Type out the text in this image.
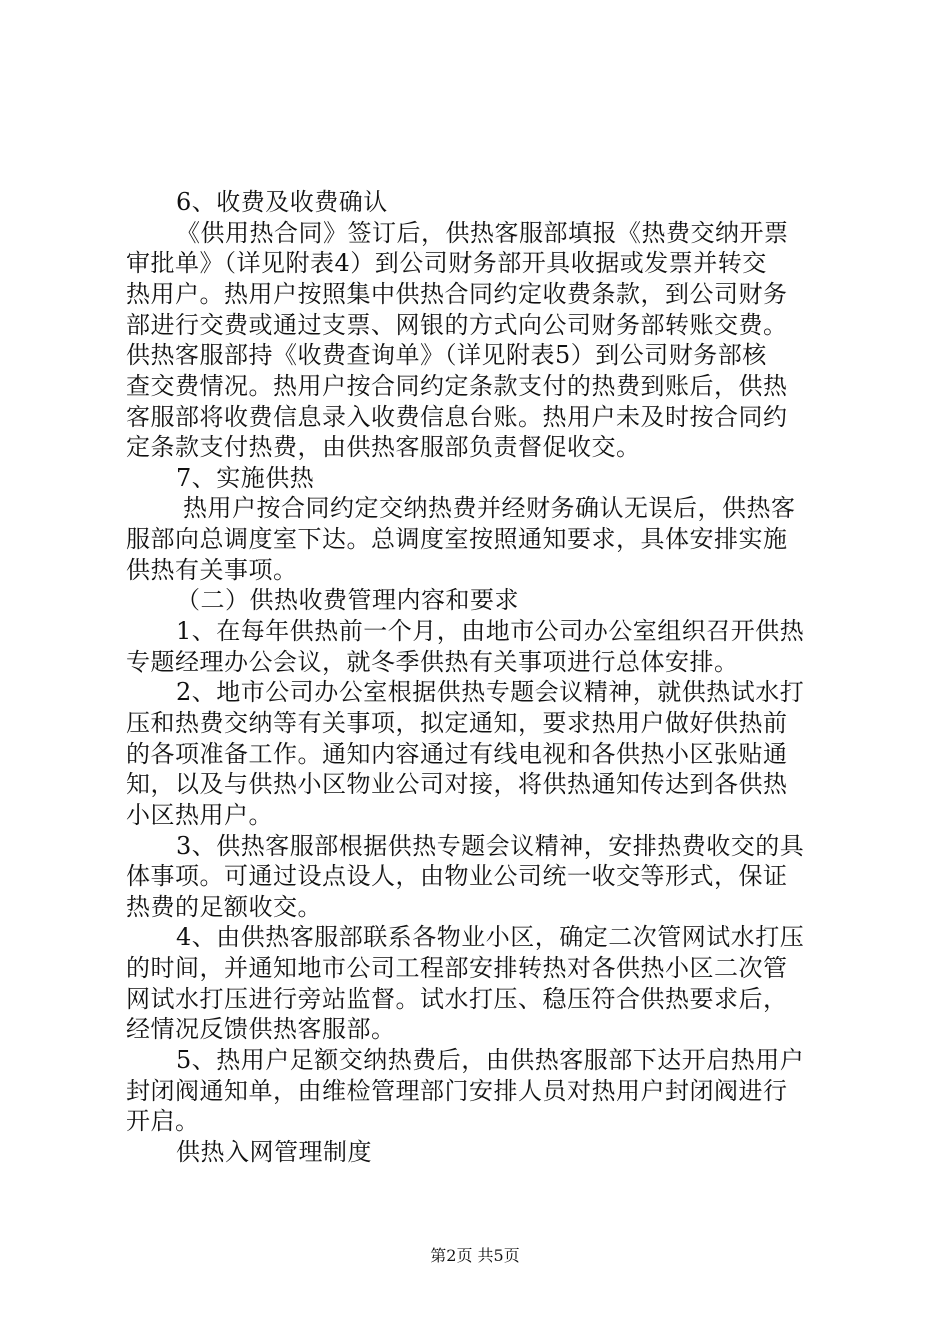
6、收费及收费确认
《供用热合同》签订后，供热客服部填报《热费交纳开票
审批单》（详见附表4）到公司财务部开具收据或发票并转交
热用户。热用户按照集中供热合同约定收费条款，到公司财务
部进行交费或通过支票、网银的方式向公司财务部转账交费。
供热客服部持《收费查询单》（详见附表5）到公司财务部核
查交费情况。热用户按合同约定条款支付的热费到账后，供热
客服部将收费信息录入收费信息台账。热用户未及时按合同约
定条款支付热费，由供热客服部负责督促收交。
7、实施供热
热用户按合同约定交纳热费并经财务确认无误后，供热客
服部向总调度室下达。总调度室按照通知要求，具体安排实施
供热有关事项。
（二）供热收费管理内容和要求
1、在每年供热前一个月，由地市公司办公室组织召开供热
专题经理办公会议，就冬季供热有关事项进行总体安排。
2、地市公司办公室根据供热专题会议精神，就供热试水打
压和热费交纳等有关事项，拟定通知，要求热用户做好供热前
的各项准备工作。通知内容通过有线电视和各供热小区张贴通
知，以及与供热小区物业公司对接，将供热通知传达到各供热
小区热用户。
3、供热客服部根据供热专题会议精神，安排热费收交的具
体事项。可通过设点设人，由物业公司统一收交等形式，保证
热费的足额收交。
4、由供热客服部联系各物业小区，确定二次管网试水打压
的时间，并通知地市公司工程部安排转热对各供热小区二次管
网试水打压进行旁站监督。试水打压、稳压符合供热要求后，
经情况反馈供热客服部。
5、热用户足额交纳热费后，由供热客服部下达开启热用户
封闭阀通知单，由维检管理部门安排人员对热用户封闭阀进行
开启。
供热入网管理制度
第2页 共5页
